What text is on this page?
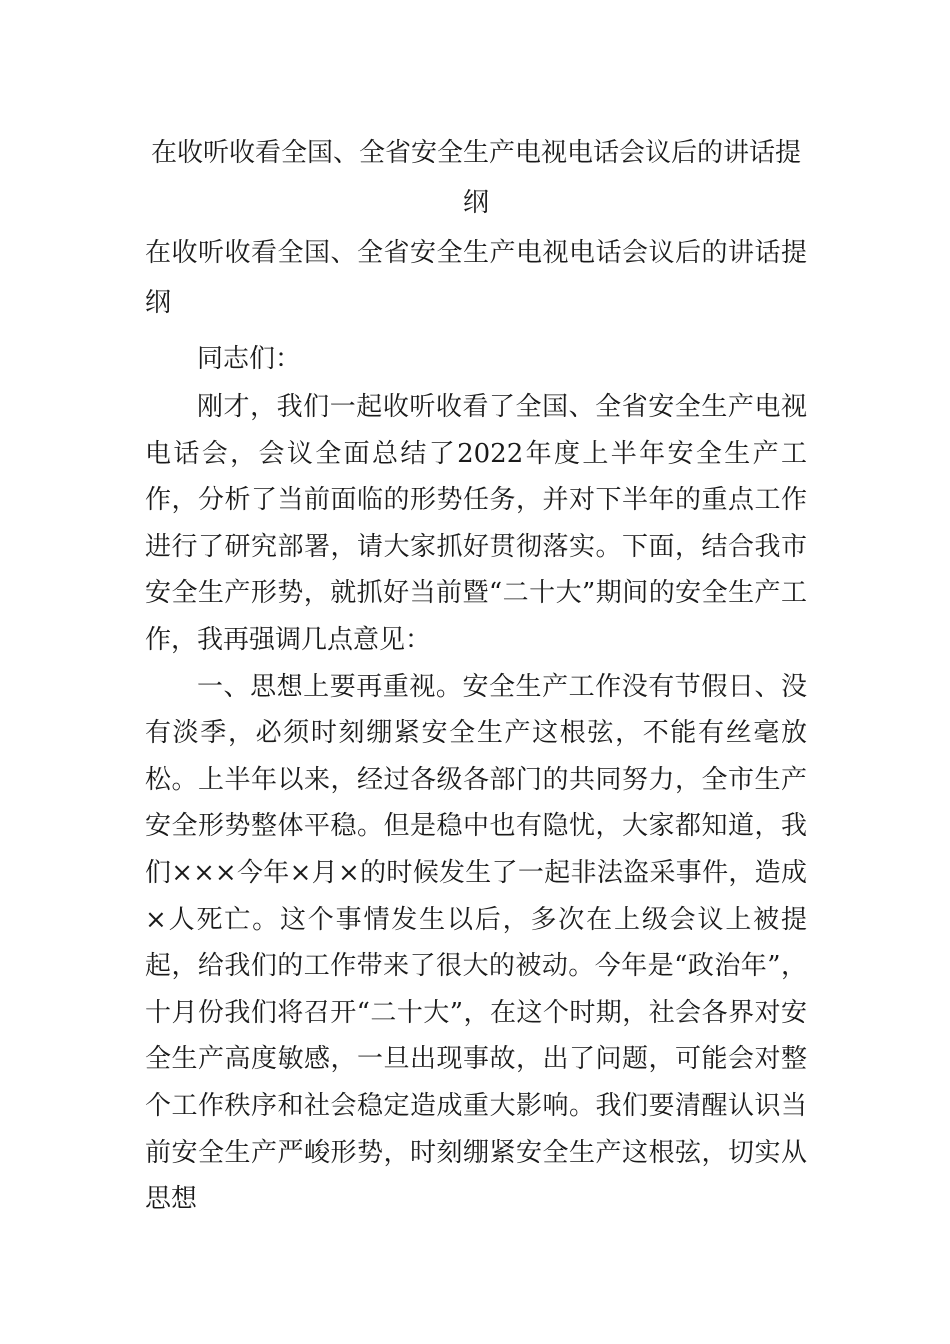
在收听收看全国、全省安全生产电视电话会议后的讲话提纲

在收听收看全国、全省安全生产电视电话会议后的讲话提纲

同志们：

刚才，我们一起收听收看了全国、全省安全生产电视电话会，会议全面总结了2022年度上半年安全生产工作，分析了当前面临的形势任务，并对下半年的重点工作进行了研究部署，请大家抓好贯彻落实。下面，结合我市安全生产形势，就抓好当前暨“二十大”期间的安全生产工作，我再强调几点意见：

一、思想上要再重视。安全生产工作没有节假日、没有淡季，必须时刻绷紧安全生产这根弦，不能有丝毫放松。上半年以来，经过各级各部门的共同努力，全市生产安全形势整体平稳。但是稳中也有隐忧，大家都知道，我们×××今年×月×的时候发生了一起非法盗采事件，造成×人死亡。这个事情发生以后，多次在上级会议上被提起，给我们的工作带来了很大的被动。今年是“政治年”，十月份我们将召开“二十大”，在这个时期，社会各界对安全生产高度敏感，一旦出现事故，出了问题，可能会对整个工作秩序和社会稳定造成重大影响。我们要清醒认识当前安全生产严峻形势，时刻绷紧安全生产这根弦，切实从思想
